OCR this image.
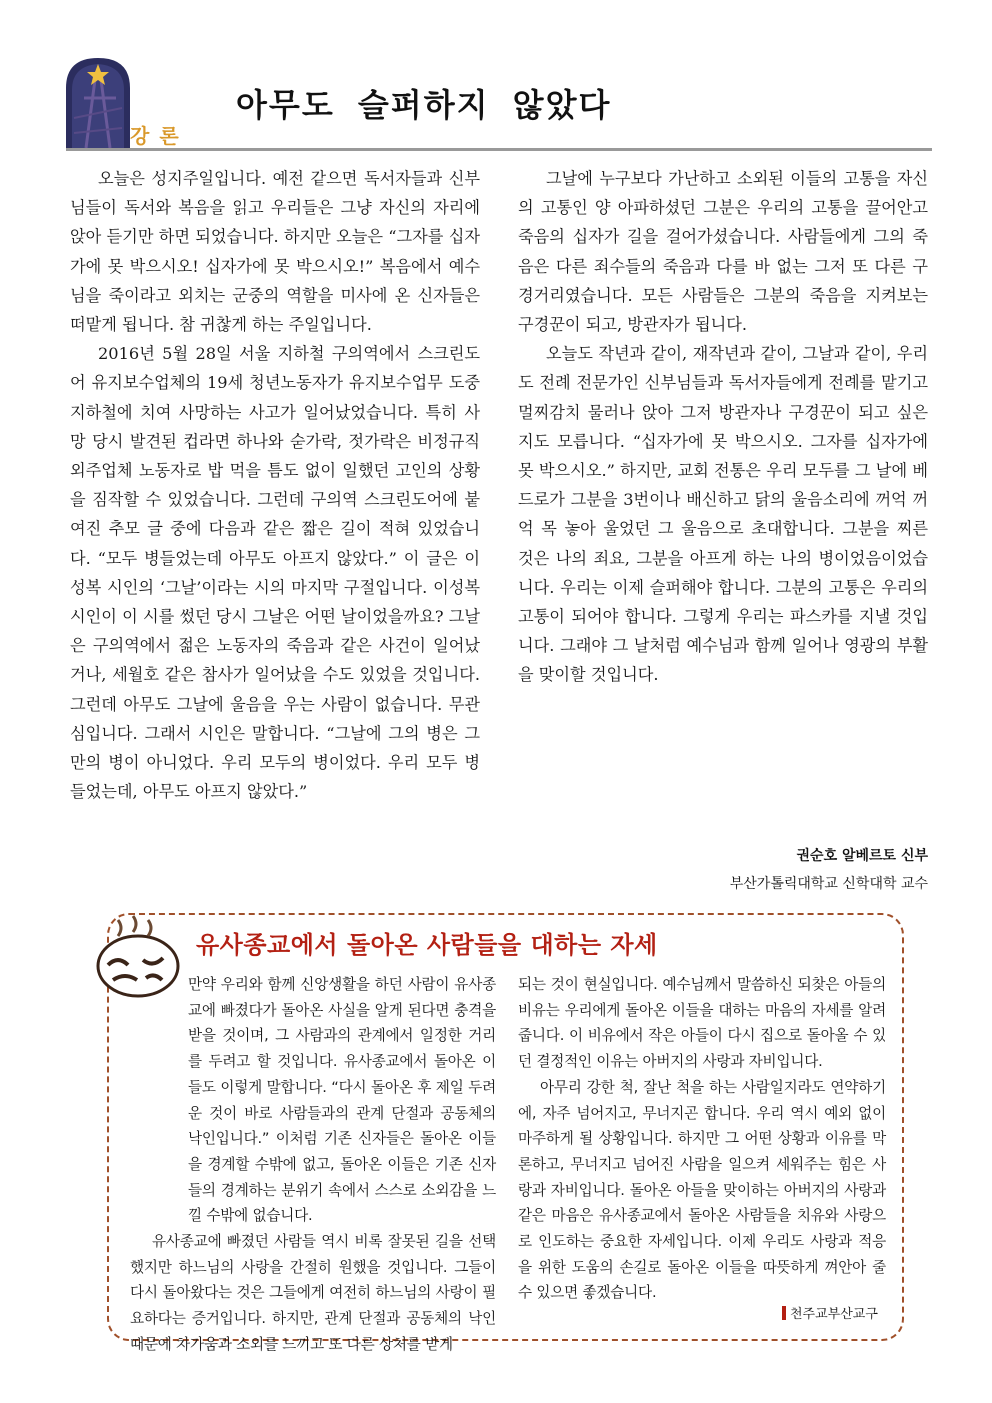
강론
아무도 슬퍼하지 않았다

오늘은 성지주일입니다. 예전 같으면 독서자들과 신부님들이 독서와 복음을 읽고 우리들은 그냥 자신의 자리에 앉아 듣기만 하면 되었습니다. 하지만 오늘은 “그자를 십자가에 못 박으시오! 십자가에 못 박으시오!” 복음에서 예수님을 죽이라고 외치는 군중의 역할을 미사에 온 신자들은 떠맡게 됩니다. 참 귀찮게 하는 주일입니다.

2016년 5월 28일 서울 지하철 구의역에서 스크린도어 유지보수업체의 19세 청년노동자가 유지보수업무 도중 지하철에 치여 사망하는 사고가 일어났었습니다. 특히 사망 당시 발견된 컵라면 하나와 숟가락, 젓가락은 비정규직 외주업체 노동자로 밥 먹을 틈도 없이 일했던 고인의 상황을 짐작할 수 있었습니다. 그런데 구의역 스크린도어에 붙여진 추모 글 중에 다음과 같은 짧은 길이 적혀 있었습니다. “모두 병들었는데 아무도 아프지 않았다.” 이 글은 이성복 시인의 ‘그날’이라는 시의 마지막 구절입니다. 이성복 시인이 이 시를 썼던 당시 그날은 어떤 날이었을까요? 그날은 구의역에서 젊은 노동자의 죽음과 같은 사건이 일어났거나, 세월호 같은 참사가 일어났을 수도 있었을 것입니다. 그런데 아무도 그날에 울음을 우는 사람이 없습니다. 무관심입니다. 그래서 시인은 말합니다. “그날에 그의 병은 그만의 병이 아니었다. 우리 모두의 병이었다. 우리 모두 병들었는데, 아무도 아프지 않았다.”

그날에 누구보다 가난하고 소외된 이들의 고통을 자신의 고통인 양 아파하셨던 그분은 우리의 고통을 끌어안고 죽음의 십자가 길을 걸어가셨습니다. 사람들에게 그의 죽음은 다른 죄수들의 죽음과 다를 바 없는 그저 또 다른 구경거리였습니다. 모든 사람들은 그분의 죽음을 지켜보는 구경꾼이 되고, 방관자가 됩니다.

오늘도 작년과 같이, 재작년과 같이, 그날과 같이, 우리도 전례 전문가인 신부님들과 독서자들에게 전례를 맡기고 멀찌감치 물러나 앉아 그저 방관자나 구경꾼이 되고 싶은지도 모릅니다. “십자가에 못 박으시오. 그자를 십자가에 못 박으시오.” 하지만, 교회 전통은 우리 모두를 그 날에 베드로가 그분을 3번이나 배신하고 닭의 울음소리에 꺼억 꺼억 목 놓아 울었던 그 울음으로 초대합니다. 그분을 찌른 것은 나의 죄요, 그분을 아프게 하는 나의 병이었음이었습니다. 우리는 이제 슬퍼해야 합니다. 그분의 고통은 우리의 고통이 되어야 합니다. 그렇게 우리는 파스카를 지낼 것입니다. 그래야 그 날처럼 예수님과 함께 일어나 영광의 부활을 맞이할 것입니다.

권순호 알베르토 신부
부산가톨릭대학교 신학대학 교수
유사종교에서 돌아온 사람들을 대하는 자세

만약 우리와 함께 신앙생활을 하던 사람이 유사종교에 빠졌다가 돌아온 사실을 알게 된다면 충격을 받을 것이며, 그 사람과의 관계에서 일정한 거리를 두려고 할 것입니다. 유사종교에서 돌아온 이들도 이렇게 말합니다. “다시 돌아온 후 제일 두려운 것이 바로 사람들과의 관계 단절과 공동체의 낙인입니다.” 이처럼 기존 신자들은 돌아온 이들을 경계할 수밖에 없고, 돌아온 이들은 기존 신자들의 경계하는 분위기 속에서 스스로 소외감을 느낄 수밖에 없습니다.

유사종교에 빠졌던 사람들 역시 비록 잘못된 길을 선택했지만 하느님의 사랑을 간절히 원했을 것입니다. 그들이 다시 돌아왔다는 것은 그들에게 여전히 하느님의 사랑이 필요하다는 증거입니다. 하지만, 관계 단절과 공동체의 낙인 때문에 차가움과 소외를 느끼고 또 다른 상처를 받게

되는 것이 현실입니다. 예수님께서 말씀하신 되찾은 아들의 비유는 우리에게 돌아온 이들을 대하는 마음의 자세를 알려줍니다. 이 비유에서 작은 아들이 다시 집으로 돌아올 수 있던 결정적인 이유는 아버지의 사랑과 자비입니다.

아무리 강한 척, 잘난 척을 하는 사람일지라도 연약하기에, 자주 넘어지고, 무너지곤 합니다. 우리 역시 예외 없이 마주하게 될 상황입니다. 하지만 그 어떤 상황과 이유를 막론하고, 무너지고 넘어진 사람을 일으켜 세워주는 힘은 사랑과 자비입니다. 돌아온 아들을 맞이하는 아버지의 사랑과 같은 마음은 유사종교에서 돌아온 사람들을 치유와 사랑으로 인도하는 중요한 자세입니다. 이제 우리도 사랑과 적응을 위한 도움의 손길로 돌아온 이들을 따뜻하게 껴안아 줄 수 있으면 좋겠습니다.

천주교부산교구
